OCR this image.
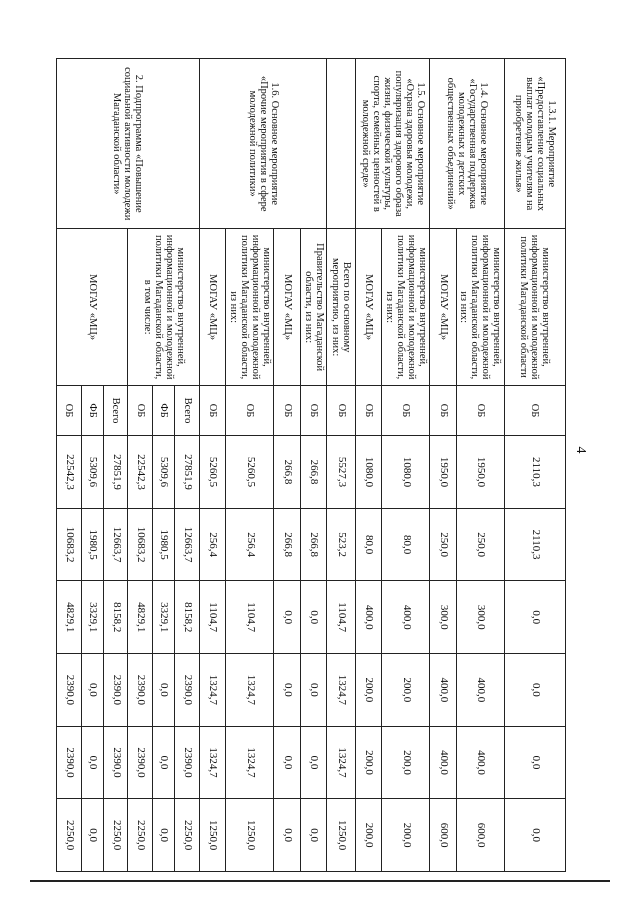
4
1.3.1. Мероприятие «Предоставление социальных выплат молодым учителям на приобретение жилья»	министерство внутренней, информационной и молодежной политики Магаданской области	ОБ	2110,3	2110,3	0,0	0,0	0,0	0,0
1.4. Основное мероприятие «Государственная поддержка молодежных и детских общественных объединений»	министерство внутренней, информационной и молодежной политики Магаданской области, из них:	ОБ	1950,0	250,0	300,0	400,0	400,0	600,0
	МОГАУ «МЦ»	ОБ	1950,0	250,0	300,0	400,0	400,0	600,0
1.5. Основное мероприятие «Охрана здоровья молодежи, популяризация здорового образа жизни, физической культуры, спорта, семейных ценностей в молодежной среде»	министерство внутренней, информационной и молодежной политики Магаданской области, из них:	ОБ	1080,0	80,0	400,0	200,0	200,0	200,0
	МОГАУ «МЦ»	ОБ	1080,0	80,0	400,0	200,0	200,0	200,0
	Всего по основному мероприятию, из них:	ОБ	5527,3	523,2	1104,7	1324,7	1324,7	1250,0
1.6. Основное мероприятие «Прочие мероприятия в сфере молодежной политики»	Правительство Магаданской области, из них:	ОБ	266,8	266,8	0,0	0,0	0,0	0,0
	МОГАУ «МЦ»	ОБ	266,8	266,8	0,0	0,0	0,0	0,0
	министерство внутренней, информационной и молодежной политики Магаданской области, из них:	ОБ	5260,5	256,4	1104,7	1324,7	1324,7	1250,0
	МОГАУ «МЦ»	ОБ	5260,5	256,4	1104,7	1324,7	1324,7	1250,0
2. Подпрограмма «Повышение социальной активности молодежи Магаданской области»	министерство внутренней, информационной и молодежной политики Магаданской области, в том числе:	Всего	27851,9	12663,7	8158,2	2390,0	2390,0	2250,0
		ФБ	5309,6	1980,5	3329,1	0,0	0,0	0,0
		ОБ	22542,3	10683,2	4829,1	2390,0	2390,0	2250,0
	МОГАУ «МЦ»	Всего	27851,9	12663,7	8158,2	2390,0	2390,0	2250,0
		ФБ	5309,6	1980,5	3329,1	0,0	0,0	0,0
		ОБ	22542,3	10683,2	4829,1	2390,0	2390,0	2250,0
